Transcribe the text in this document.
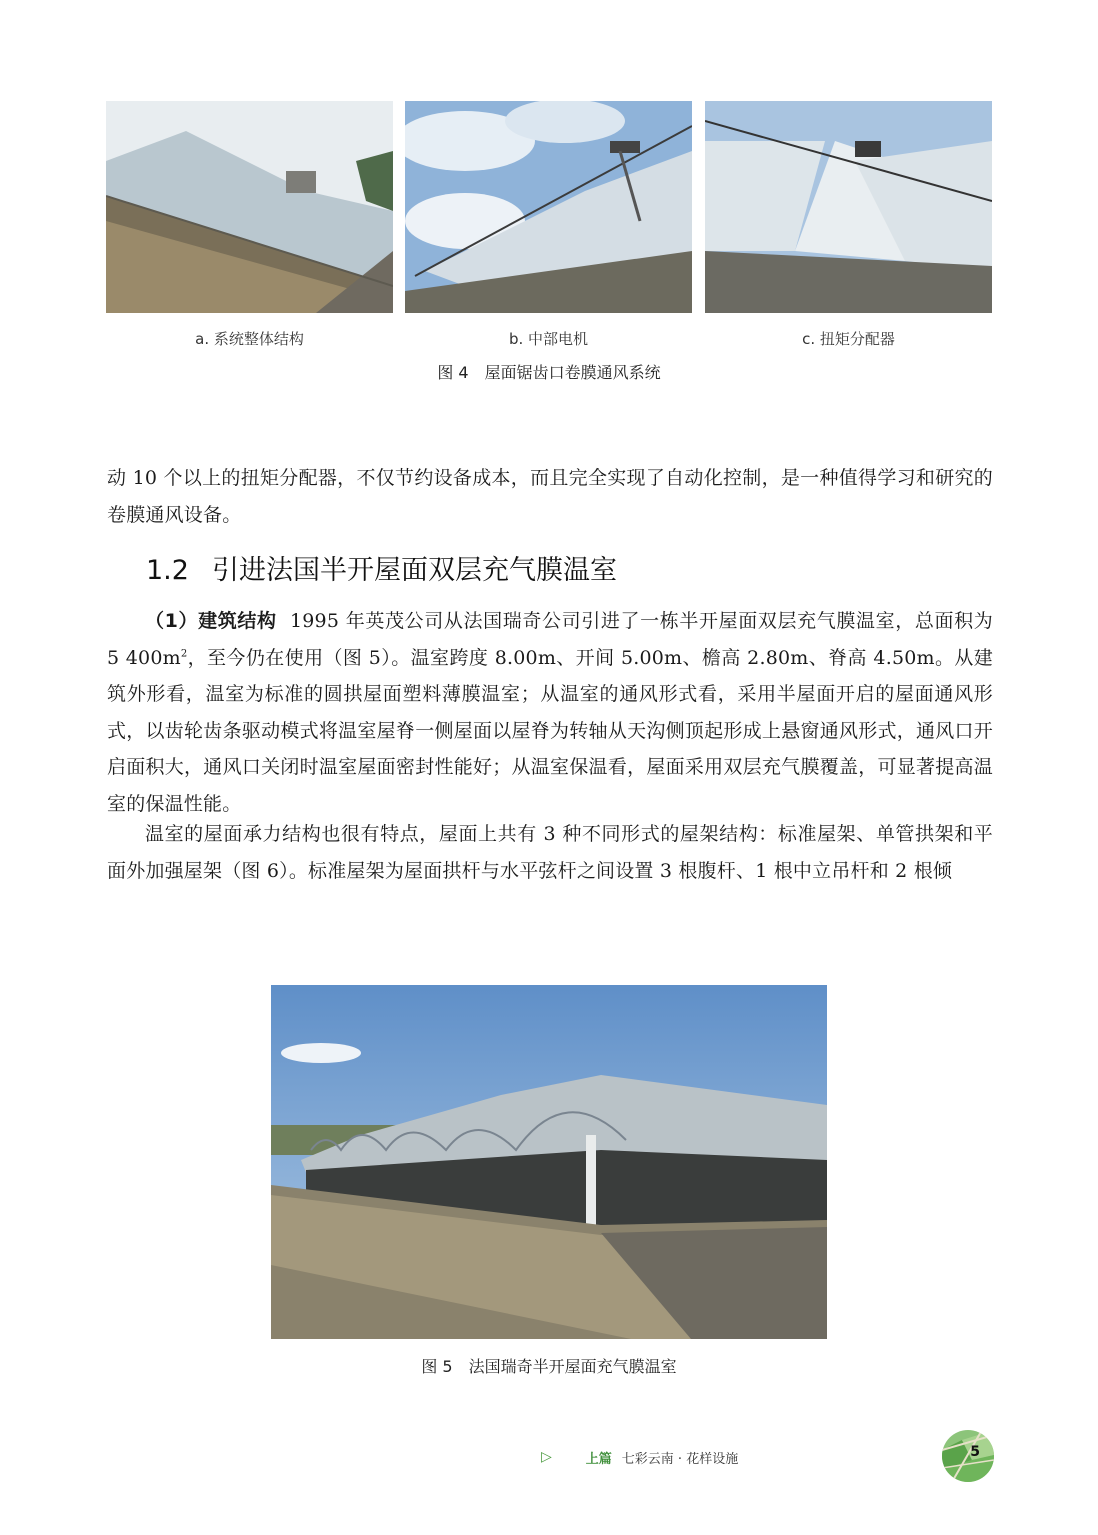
a. 系统整体结构	b. 中部电机	c. 扭矩分配器
图 4 屋面锯齿口卷膜通风系统
动 10 个以上的扭矩分配器，不仅节约设备成本，而且完全实现了自动化控制，是一种值得学习和研究的卷膜通风设备。
1.2 引进法国半开屋面双层充气膜温室
（1）建筑结构 1995 年英茂公司从法国瑞奇公司引进了一栋半开屋面双层充气膜温室，总面积为 5 $400m^2$，至今仍在使用（图 5）。温室跨度 8.00m、开间 5.00m、檐高 2.80m、脊高 4.50m。从建筑外形看，温室为标准的圆拱屋面塑料薄膜温室；从温室的通风形式看，采用半屋面开启的屋面通风形式，以齿轮齿条驱动模式将温室屋脊一侧屋面以屋脊为转轴从天沟侧顶起形成上悬窗通风形式，通风口开启面积大，通风口关闭时温室屋面密封性能好；从温室保温看，屋面采用双层充气膜覆盖，可显著提高温室的保温性能。
温室的屋面承力结构也很有特点，屋面上共有 3 种不同形式的屋架结构：标准屋架、单管拱架和平面外加强屋架（图 6）。标准屋架为屋面拱杆与水平弦杆之间设置 3 根腹杆、1 根中立吊杆和 2 根倾
图 5 法国瑞奇半开屋面充气膜温室
▷	上篇 七彩云南 · 花样设施	5
